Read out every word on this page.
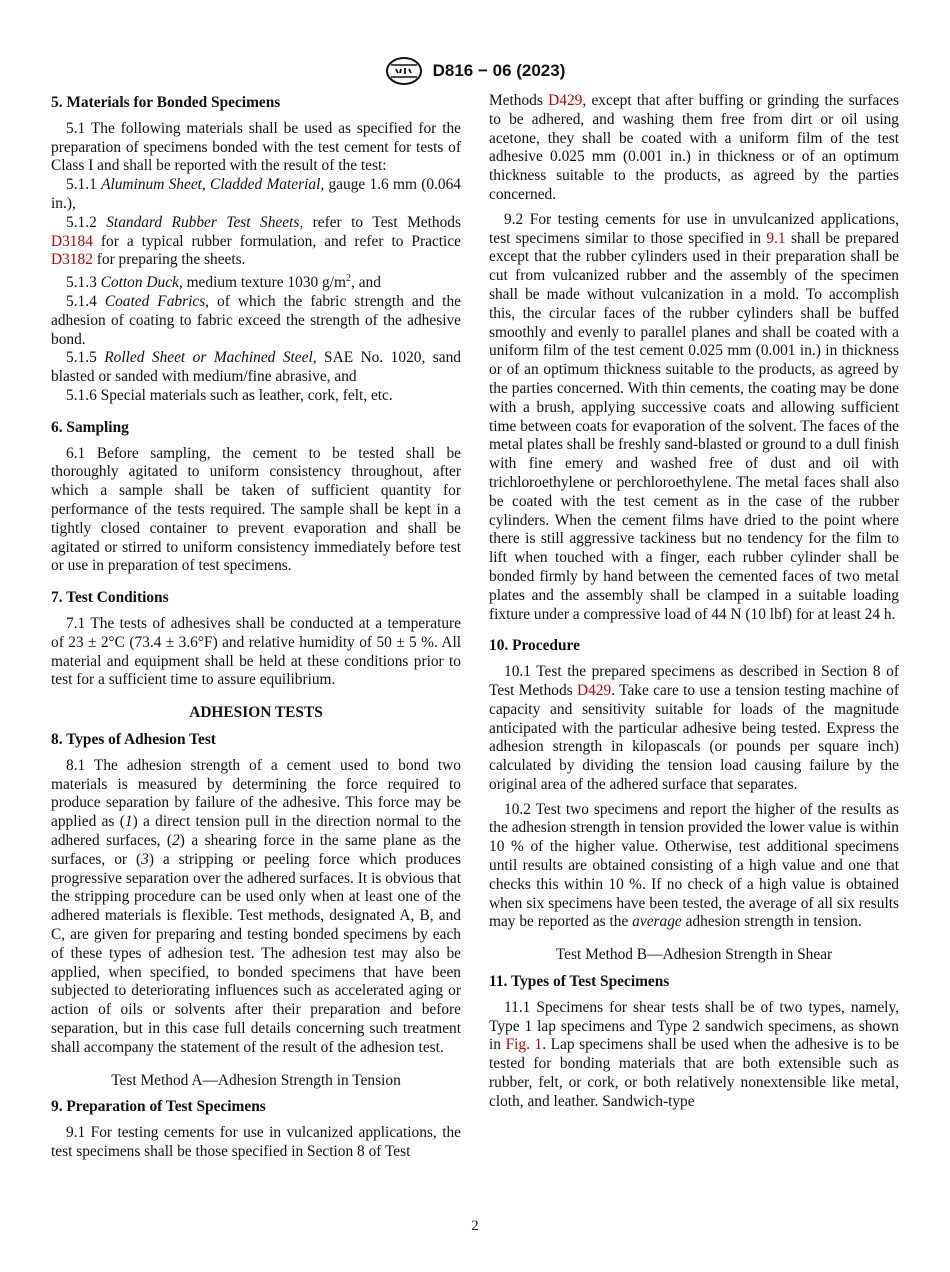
D816 − 06 (2023)
5. Materials for Bonded Specimens

5.1 The following materials shall be used as specified for the preparation of specimens bonded with the test cement for tests of Class I and shall be reported with the result of the test:

5.1.1 Aluminum Sheet, Cladded Material, gauge 1.6 mm (0.064 in.),

5.1.2 Standard Rubber Test Sheets, refer to Test Methods D3184 for a typical rubber formulation, and refer to Practice D3182 for preparing the sheets.

5.1.3 Cotton Duck, medium texture 1030 $g/m^2$, and

5.1.4 Coated Fabrics, of which the fabric strength and the adhesion of coating to fabric exceed the strength of the adhesive bond.

5.1.5 Rolled Sheet or Machined Steel, SAE No. 1020, sand blasted or sanded with medium/fine abrasive, and

5.1.6 Special materials such as leather, cork, felt, etc.

6. Sampling

6.1 Before sampling, the cement to be tested shall be thoroughly agitated to uniform consistency throughout, after which a sample shall be taken of sufficient quantity for performance of the tests required. The sample shall be kept in a tightly closed container to prevent evaporation and shall be agitated or stirred to uniform consistency immediately before test or use in preparation of test specimens.

7. Test Conditions

7.1 The tests of adhesives shall be conducted at a temperature of 23 ± 2°C (73.4 ± 3.6°F) and relative humidity of 50 ± 5 %. All material and equipment shall be held at these conditions prior to test for a sufficient time to assure equilibrium.

ADHESION TESTS
8. Types of Adhesion Test

8.1 The adhesion strength of a cement used to bond two materials is measured by determining the force required to produce separation by failure of the adhesive. This force may be applied as (1) a direct tension pull in the direction normal to the adhered surfaces, (2) a shearing force in the same plane as the surfaces, or (3) a stripping or peeling force which produces progressive separation over the adhered surfaces. It is obvious that the stripping procedure can be used only when at least one of the adhered materials is flexible. Test methods, designated A, B, and C, are given for preparing and testing bonded specimens by each of these types of adhesion test. The adhesion test may also be applied, when specified, to bonded specimens that have been subjected to deteriorating influences such as accelerated aging or action of oils or solvents after their preparation and before separation, but in this case full details concerning such treatment shall accompany the statement of the result of the adhesion test.

Test Method A—Adhesion Strength in Tension
9. Preparation of Test Specimens

9.1 For testing cements for use in vulcanized applications, the test specimens shall be those specified in Section 8 of Test

Methods D429, except that after buffing or grinding the surfaces to be adhered, and washing them free from dirt or oil using acetone, they shall be coated with a uniform film of the test adhesive 0.025 mm (0.001 in.) in thickness or of an optimum thickness suitable to the products, as agreed by the parties concerned.

9.2 For testing cements for use in unvulcanized applications, test specimens similar to those specified in 9.1 shall be prepared except that the rubber cylinders used in their preparation shall be cut from vulcanized rubber and the assembly of the specimen shall be made without vulcanization in a mold. To accomplish this, the circular faces of the rubber cylinders shall be buffed smoothly and evenly to parallel planes and shall be coated with a uniform film of the test cement 0.025 mm (0.001 in.) in thickness or of an optimum thickness suitable to the products, as agreed by the parties concerned. With thin cements, the coating may be done with a brush, applying successive coats and allowing sufficient time between coats for evaporation of the solvent. The faces of the metal plates shall be freshly sand-blasted or ground to a dull finish with fine emery and washed free of dust and oil with trichloroethylene or perchloroethylene. The metal faces shall also be coated with the test cement as in the case of the rubber cylinders. When the cement films have dried to the point where there is still aggressive tackiness but no tendency for the film to lift when touched with a finger, each rubber cylinder shall be bonded firmly by hand between the cemented faces of two metal plates and the assembly shall be clamped in a suitable loading fixture under a compressive load of 44 N (10 lbf) for at least 24 h.

10. Procedure

10.1 Test the prepared specimens as described in Section 8 of Test Methods D429. Take care to use a tension testing machine of capacity and sensitivity suitable for loads of the magnitude anticipated with the particular adhesive being tested. Express the adhesion strength in kilopascals (or pounds per square inch) calculated by dividing the tension load causing failure by the original area of the adhered surface that separates.

10.2 Test two specimens and report the higher of the results as the adhesion strength in tension provided the lower value is within 10 % of the higher value. Otherwise, test additional specimens until results are obtained consisting of a high value and one that checks this within 10 %. If no check of a high value is obtained when six specimens have been tested, the average of all six results may be reported as the average adhesion strength in tension.

Test Method B—Adhesion Strength in Shear
11. Types of Test Specimens

11.1 Specimens for shear tests shall be of two types, namely, Type 1 lap specimens and Type 2 sandwich specimens, as shown in Fig. 1. Lap specimens shall be used when the adhesive is to be tested for bonding materials that are both extensible such as rubber, felt, or cork, or both relatively nonextensible like metal, cloth, and leather. Sandwich-type

2
